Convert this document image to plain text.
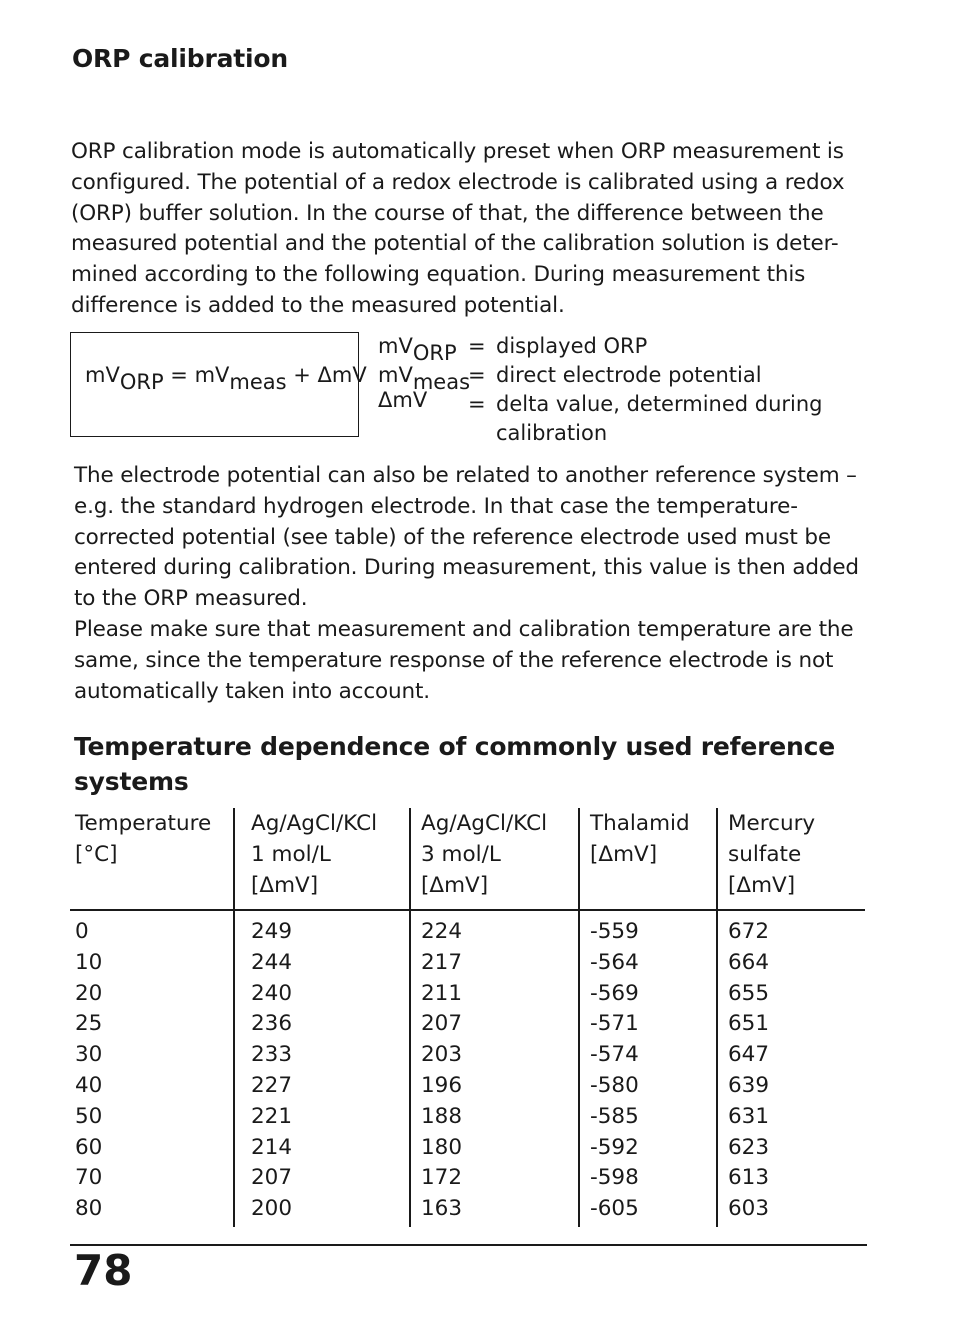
ORP calibration
ORP calibration mode is automatically preset when ORP measurement is
configured. The potential of a redox electrode is calibrated using a redox
(ORP) buffer solution. In the course of that, the difference between the
measured potential and the potential of the calibration solution is deter-
mined according to the following equation. During measurement this
difference is added to the measured potential.
$mV_{ORP} = mV_{meas} + \Delta mV$
$mV_{ORP}$ = displayed ORP
$mV_{meas}$
= direct electrode potential
ΔmV = delta value, determined during
calibration
The electrode potential can also be related to another reference system –
e.g. the standard hydrogen electrode. In that case the temperature-
corrected potential (see table) of the reference electrode used must be
entered during calibration. During measurement, this value is then added
to the ORP measured.
Please make sure that measurement and calibration temperature are the
same, since the temperature response of the reference electrode is not
automatically taken into account.
Temperature dependence of commonly used reference
systems
Temperature
[°C]
Ag/AgCl/KCl
1 mol/L
[ΔmV]
Ag/AgCl/KCl
3 mol/L
[ΔmV]
Thalamid
[ΔmV]
Mercury
sulfate
[ΔmV]
0
10
20
25
30
40
50
60
70
80
249
244
240
236
233
227
221
214
207
200
224
217
211
207
203
196
188
180
172
163
-559
-564
-569
-571
-574
-580
-585
-592
-598
-605
672
664
655
651
647
639
631
623
613
603
78
